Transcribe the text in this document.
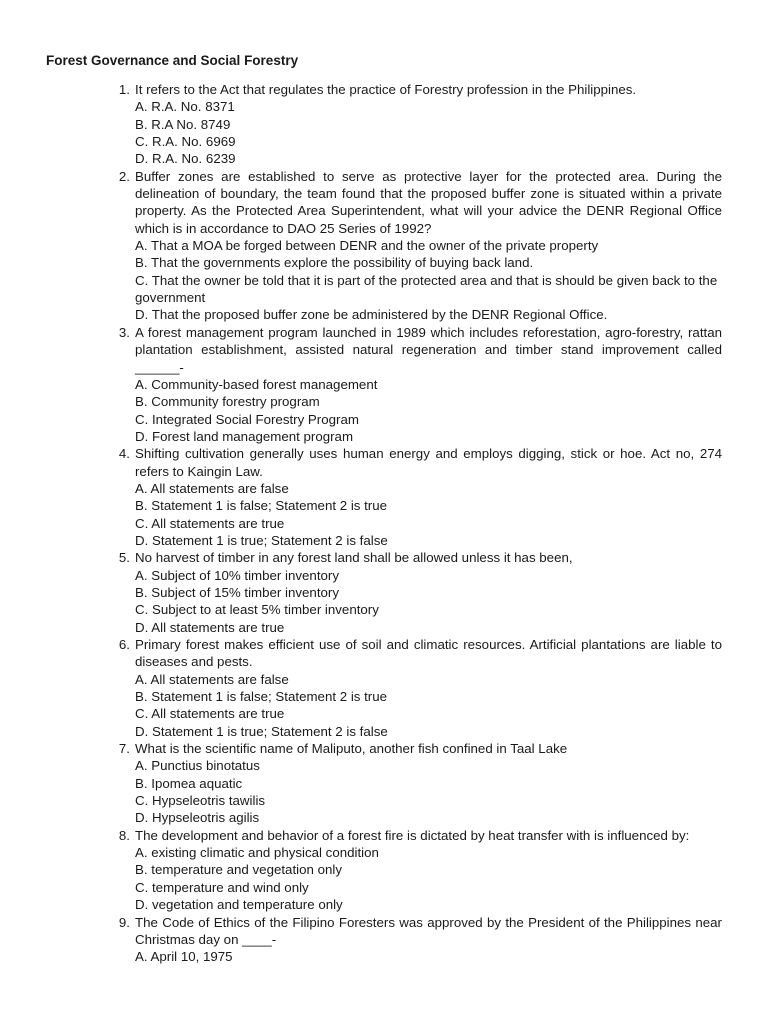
Forest Governance and Social Forestry
1. It refers to the Act that regulates the practice of Forestry profession in the Philippines.
A. R.A. No. 8371
B. R.A No. 8749
C. R.A. No. 6969
D. R.A. No. 6239
2. Buffer zones are established to serve as protective layer for the protected area. During the delineation of boundary, the team found that the proposed buffer zone is situated within a private property. As the Protected Area Superintendent, what will your advice the DENR Regional Office which is in accordance to DAO 25 Series of 1992?
A. That a MOA be forged between DENR and the owner of the private property
B. That the governments explore the possibility of buying back land.
C. That the owner be told that it is part of the protected area and that is should be given back to the government
D. That the proposed buffer zone be administered by the DENR Regional Office.
3. A forest management program launched in 1989 which includes reforestation, agro-forestry, rattan plantation establishment, assisted natural regeneration and timber stand improvement called ______-
A. Community-based forest management
B. Community forestry program
C. Integrated Social Forestry Program
D. Forest land management program
4. Shifting cultivation generally uses human energy and employs digging, stick or hoe. Act no, 274 refers to Kaingin Law.
A. All statements are false
B. Statement 1 is false; Statement 2 is true
C. All statements are true
D. Statement 1 is true; Statement 2 is false
5. No harvest of timber in any forest land shall be allowed unless it has been,
A. Subject of 10% timber inventory
B. Subject of 15% timber inventory
C. Subject to at least 5% timber inventory
D. All statements are true
6. Primary forest makes efficient use of soil and climatic resources. Artificial plantations are liable to diseases and pests.
A. All statements are false
B. Statement 1 is false; Statement 2 is true
C. All statements are true
D. Statement 1 is true; Statement 2 is false
7. What is the scientific name of Maliputo, another fish confined in Taal Lake
A. Punctius binotatus
B. Ipomea aquatic
C. Hypseleotris tawilis
D. Hypseleotris agilis
8. The development and behavior of a forest fire is dictated by heat transfer with is influenced by:
A. existing climatic and physical condition
B. temperature and vegetation only
C. temperature and wind only
D. vegetation and temperature only
9. The Code of Ethics of the Filipino Foresters was approved by the President of the Philippines near Christmas day on ____-
A. April 10, 1975
